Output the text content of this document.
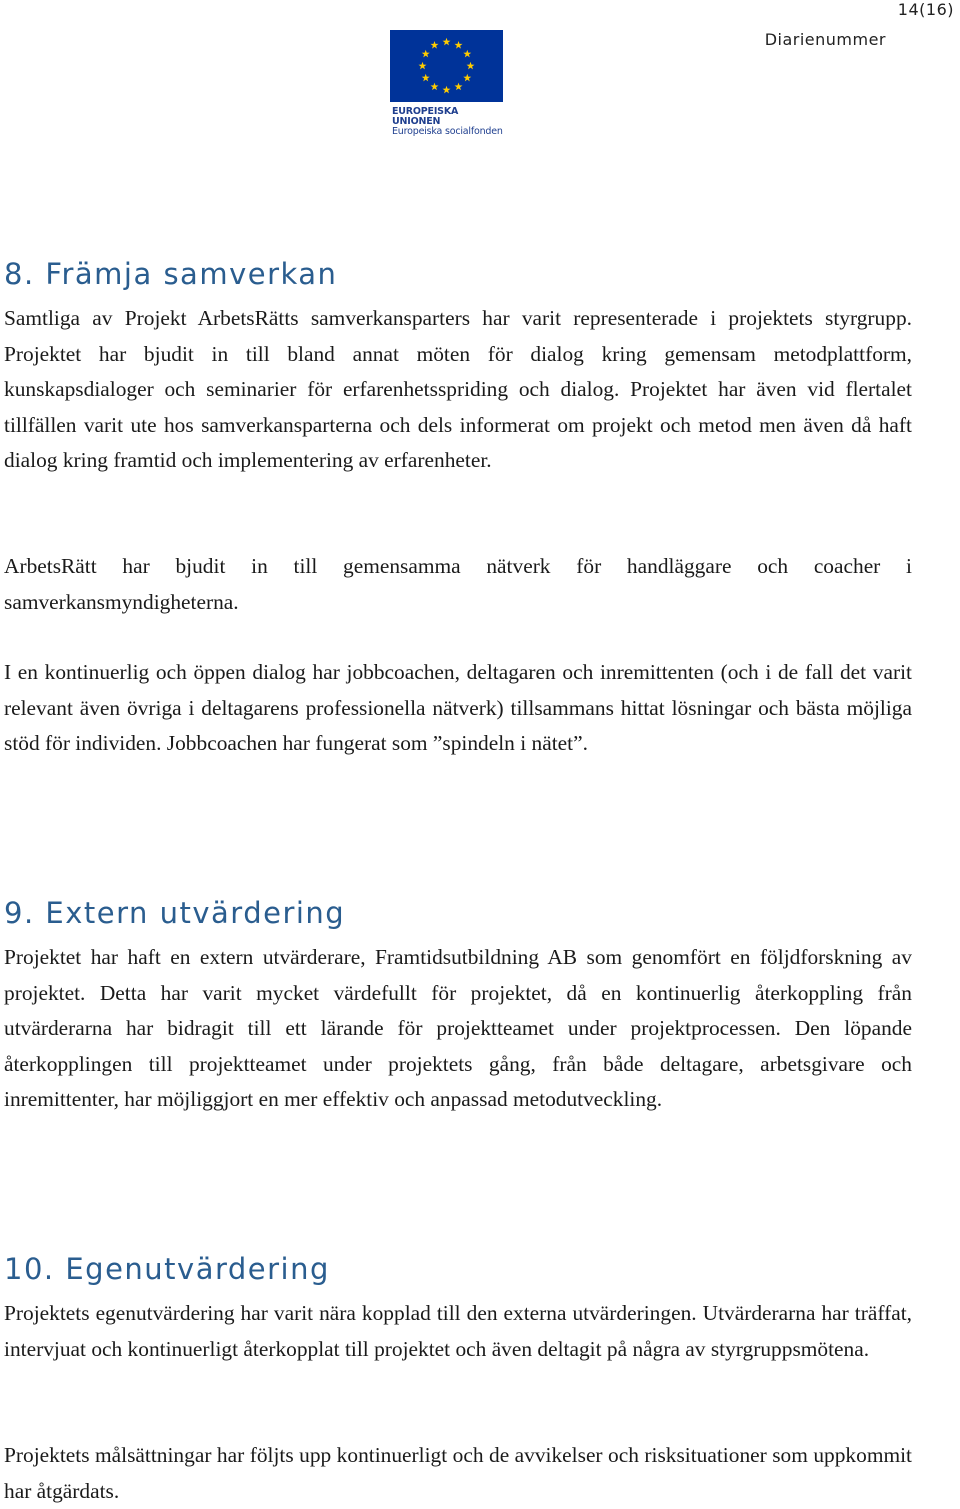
14(16)
Diarienummer
EUROPEISKA UNIONEN
Europeiska socialfonden
8. Främja samverkan

Samtliga av Projekt ArbetsRätts samverkansparters har varit representerade i projektets styrgrupp. Projektet har bjudit in till bland annat möten för dialog kring gemensam metodplattform, kunskapsdialoger och seminarier för erfarenhetsspriding och dialog. Projektet har även vid flertalet tillfällen varit ute hos samverkansparterna och dels informerat om projekt och metod men även då haft dialog kring framtid och implementering av erfarenheter.

ArbetsRätt har bjudit in till gemensamma nätverk för handläggare och coacher i samverkansmyndigheterna.

I en kontinuerlig och öppen dialog har jobbcoachen, deltagaren och inremittenten (och i de fall det varit relevant även övriga i deltagarens professionella nätverk) tillsammans hittat lösningar och bästa möjliga stöd för individen. Jobbcoachen har fungerat som ”spindeln i nätet”.

9. Extern utvärdering

Projektet har haft en extern utvärderare, Framtidsutbildning AB som genomfört en följdforskning av projektet. Detta har varit mycket värdefullt för projektet, då en kontinuerlig återkoppling från utvärderarna har bidragit till ett lärande för projektteamet under projektprocessen. Den löpande återkopplingen till projektteamet under projektets gång, från både deltagare, arbetsgivare och inremittenter, har möjliggjort en mer effektiv och anpassad metodutveckling.

10. Egenutvärdering

Projektets egenutvärdering har varit nära kopplad till den externa utvärderingen. Utvärderarna har träffat, intervjuat och kontinuerligt återkopplat till projektet och även deltagit på några av styrgruppsmötena.

Projektets målsättningar har följts upp kontinuerligt och de avvikelser och risksituationer som uppkommit har åtgärdats.
